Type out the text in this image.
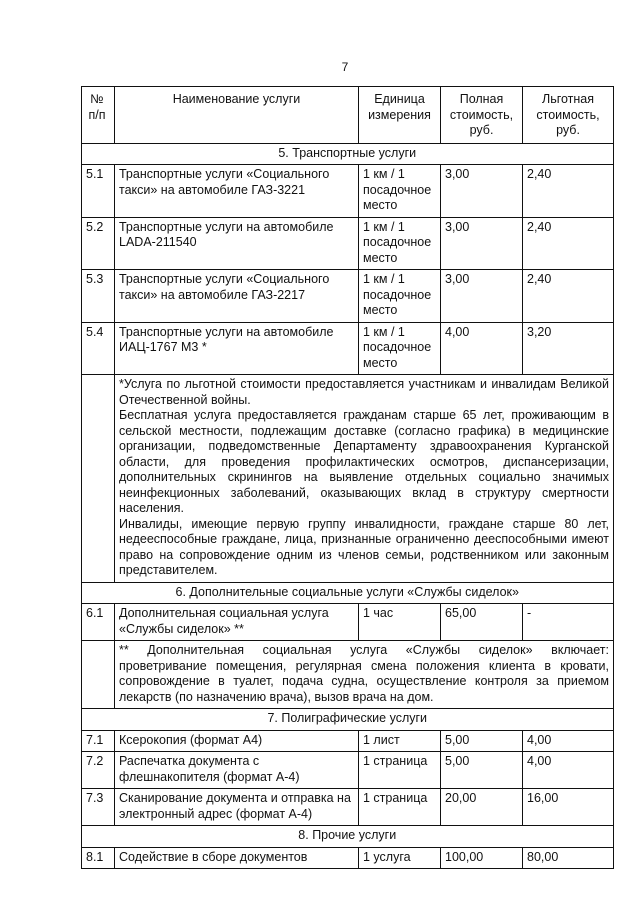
7
№ п/п	Наименование услуги	Единица измерения	Полная стоимость, руб.	Льготная стоимость, руб.
	5. Транспортные услуги			
5.1	Транспортные услуги «Социального такси» на автомобиле ГАЗ-3221	1 км / 1 посадочное место	3,00	2,40
5.2	Транспортные услуги на автомобиле LADA-211540	1 км / 1 посадочное место	3,00	2,40
5.3	Транспортные услуги «Социального такси» на автомобиле ГАЗ-2217	1 км / 1 посадочное место	3,00	2,40
5.4	Транспортные услуги на автомобиле ИАЦ-1767 М3 *	1 км / 1 посадочное место	4,00	3,20

	*Услуга по льготной стоимости предоставляется участникам и инвалидам Великой Отечественной войны.

Бесплатная услуга предоставляется гражданам старше 65 лет, проживающим в сельской местности, подлежащим доставке (согласно графика) в медицинские организации, подведомственные Департаменту здравоохранения Курганской области, для проведения профилактических осмотров, диспансеризации, дополнительных скринингов на выявление отдельных социально значимых неинфекционных заболеваний, оказывающих вклад в структуру смертности населения.

Инвалиды, имеющие первую группу инвалидности, граждане старше 80 лет, недееспособные граждане, лица, признанные ограниченно дееспособными имеют право на сопровождение одним из членов семьи, родственником или законным представителем.			

	6. Дополнительные социальные услуги «Службы сиделок»			
6.1	Дополнительная социальная услуга «Службы сиделок» **	1 час	65,00	-

	** Дополнительная социальная услуга «Службы сиделок» включает: проветривание помещения, регулярная смена положения клиента в кровати, сопровождение в туалет, подача судна, осуществление контроля за приемом лекарств (по назначению врача), вызов врача на дом.			

	7. Полиграфические услуги			
7.1	Ксерокопия (формат А4)	1 лист	5,00	4,00
7.2	Распечатка документа с флешнакопителя (формат А-4)	1 страница	5,00	4,00
7.3	Сканирование документа и отправка на электронный адрес (формат А-4)	1 страница	20,00	16,00
	8. Прочие услуги			
8.1	Содействие в сборе документов	1 услуга	100,00	80,00
